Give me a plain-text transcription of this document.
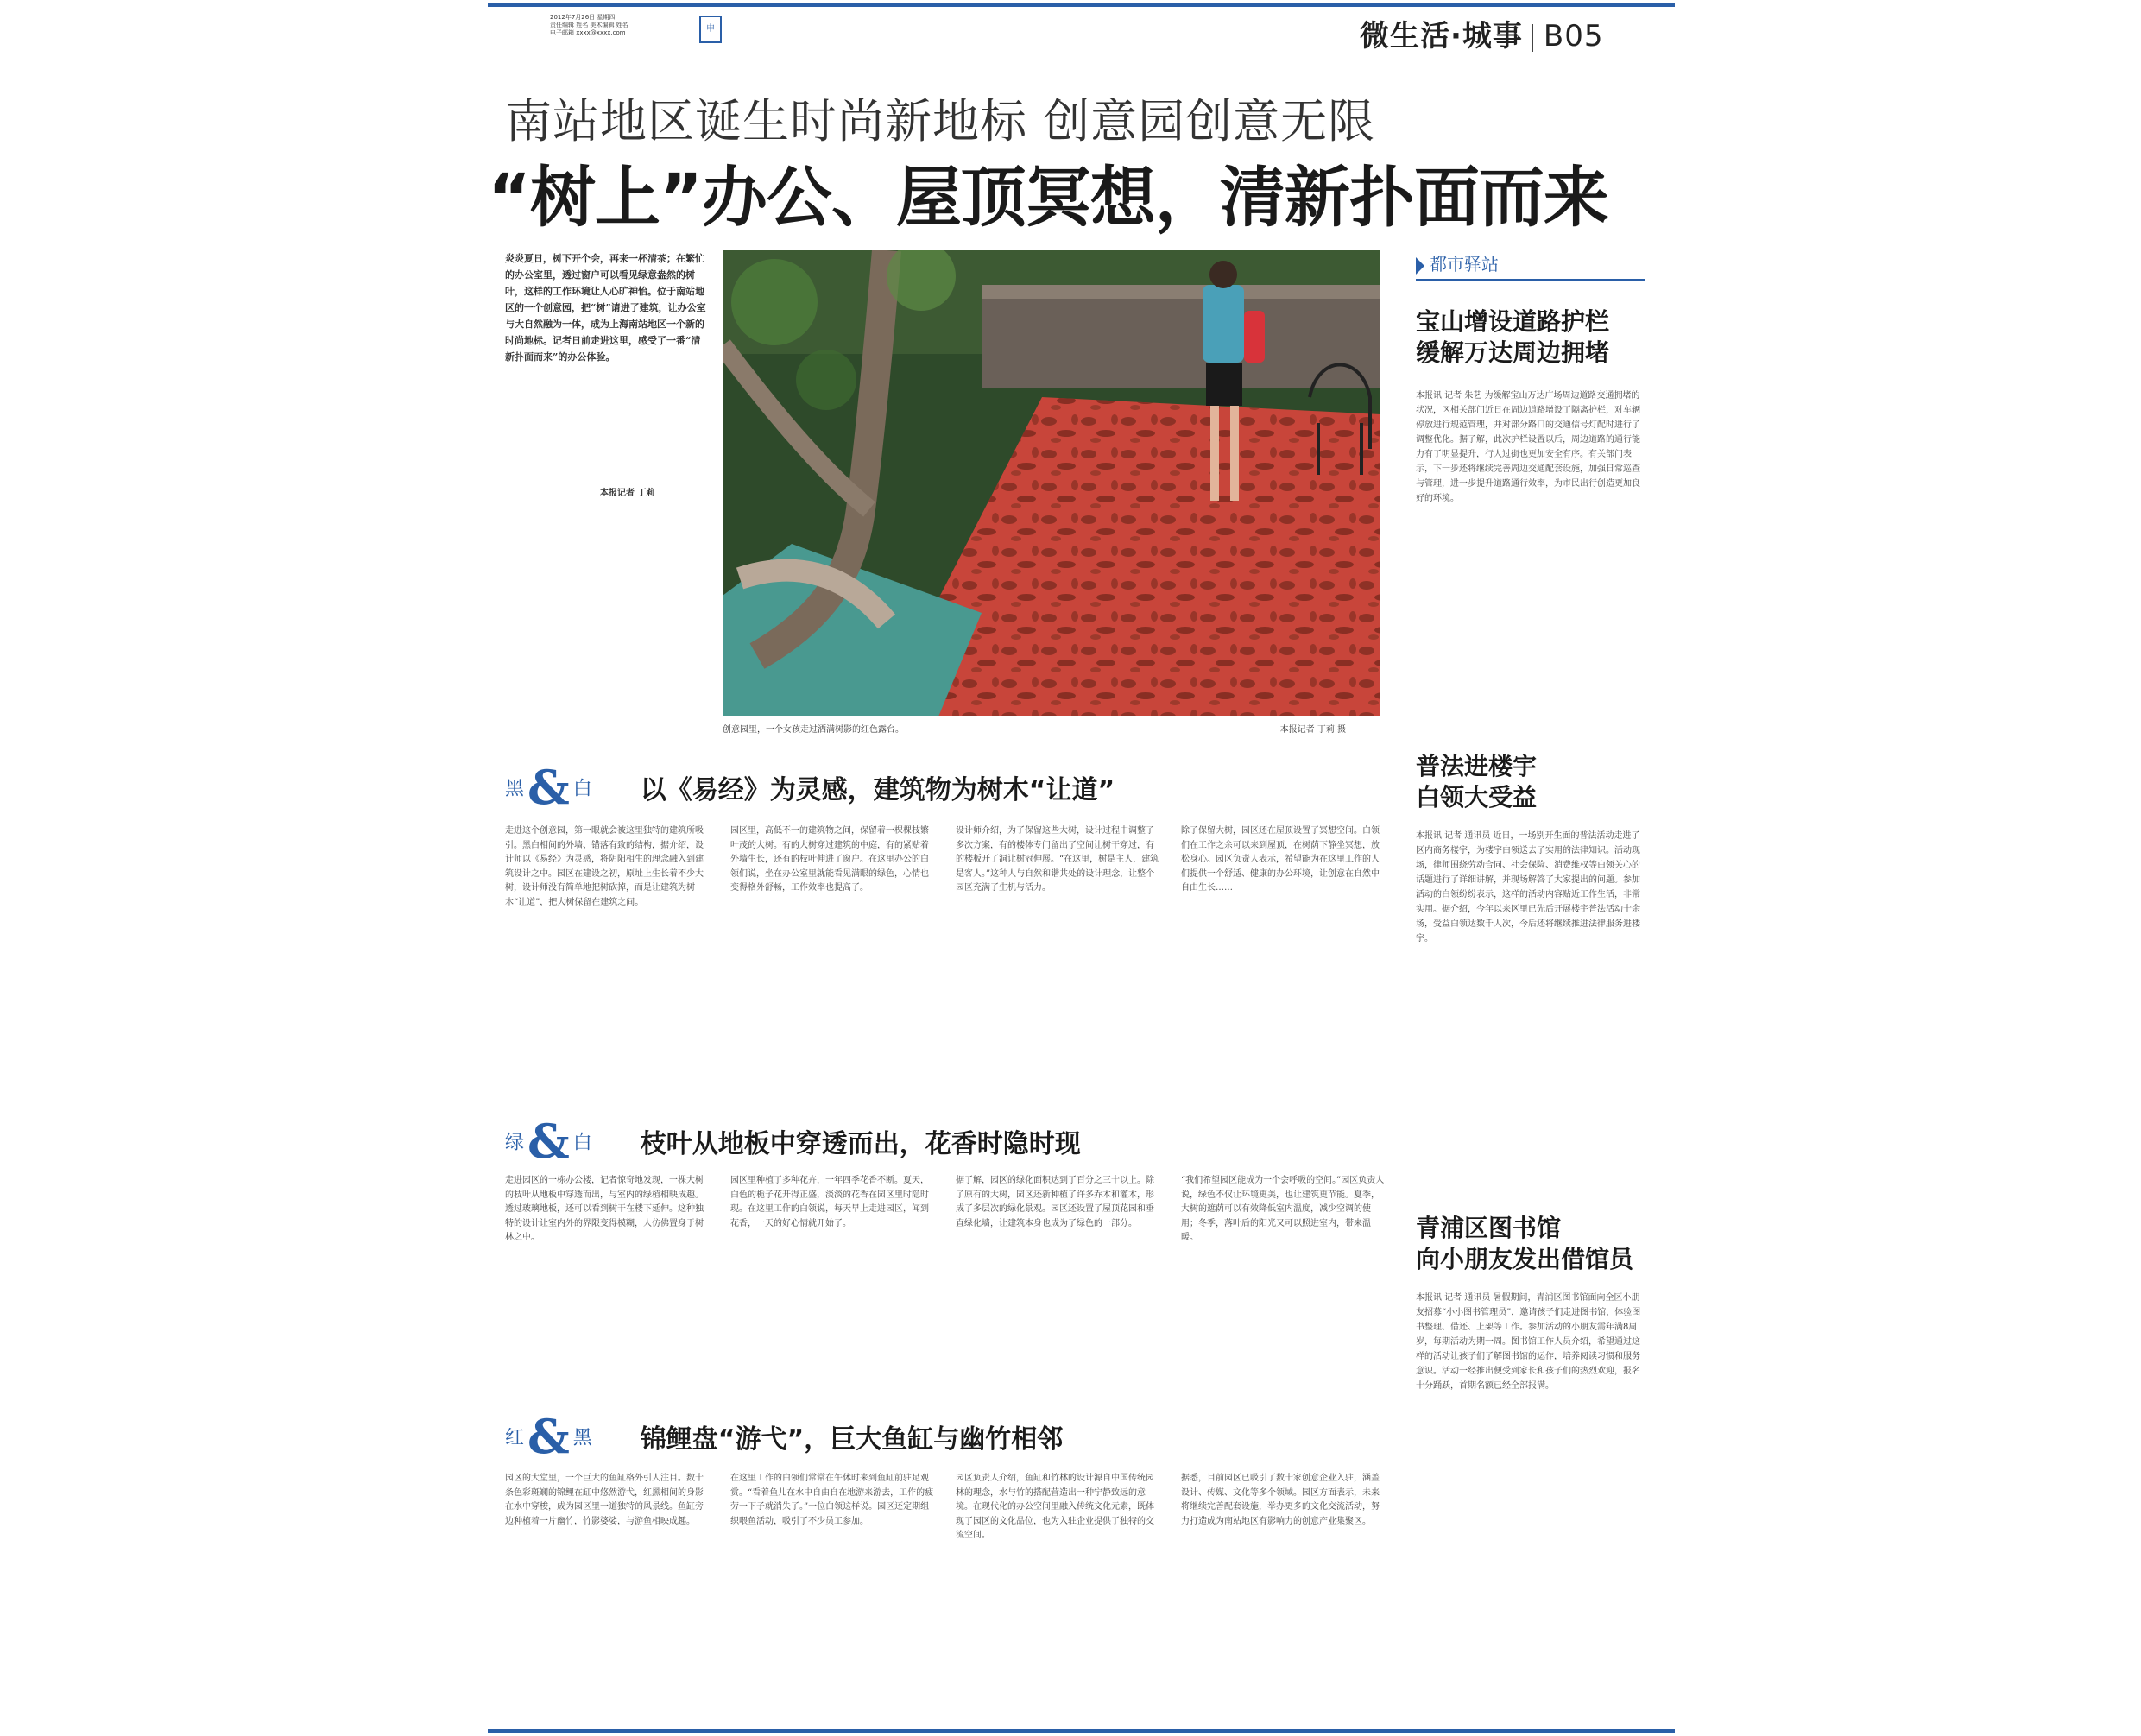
2012年7月26日 星期四
责任编辑 姓名 美术编辑 姓名
电子邮箱 xxxx@xxxx.com	申	微生活·城事 B05
南站地区诞生时尚新地标 创意园创意无限
“树上”办公、屋顶冥想，清新扑面而来
炎炎夏日，树下开个会，再来一杯清茶；在繁忙的办公室里，透过窗户可以看见绿意盎然的树叶，这样的工作环境让人心旷神怡。位于南站地区的一个创意园，把“树”请进了建筑，让办公室与大自然融为一体，成为上海南站地区一个新的时尚地标。记者日前走进这里，感受了一番“清新扑面而来”的办公体验。
本报记者 丁莉
创意园里，一个女孩走过洒满树影的红色露台。	本报记者 丁莉 摄
都市驿站
宝山增设道路护栏
缓解万达周边拥堵
本报讯 记者 朱艺 为缓解宝山万达广场周边道路交通拥堵的状况，区相关部门近日在周边道路增设了隔离护栏，对车辆停放进行规范管理，并对部分路口的交通信号灯配时进行了调整优化。据了解，此次护栏设置以后，周边道路的通行能力有了明显提升，行人过街也更加安全有序。有关部门表示，下一步还将继续完善周边交通配套设施，加强日常巡查与管理，进一步提升道路通行效率，为市民出行创造更加良好的环境。
普法进楼宇
白领大受益
本报讯 记者 通讯员 近日，一场别开生面的普法活动走进了区内商务楼宇，为楼宇白领送去了实用的法律知识。活动现场，律师围绕劳动合同、社会保险、消费维权等白领关心的话题进行了详细讲解，并现场解答了大家提出的问题。参加活动的白领纷纷表示，这样的活动内容贴近工作生活，非常实用。据介绍，今年以来区里已先后开展楼宇普法活动十余场，受益白领达数千人次，今后还将继续推进法律服务进楼宇。
青浦区图书馆
向小朋友发出借馆员
本报讯 记者 通讯员 暑假期间，青浦区图书馆面向全区小朋友招募“小小图书管理员”，邀请孩子们走进图书馆，体验图书整理、借还、上架等工作。参加活动的小朋友需年满8周岁，每期活动为期一周。图书馆工作人员介绍，希望通过这样的活动让孩子们了解图书馆的运作，培养阅读习惯和服务意识。活动一经推出便受到家长和孩子们的热烈欢迎，报名十分踊跃，首期名额已经全部报满。
黑& 白 以《易经》为灵感，建筑物为树木“让道”
走进这个创意园，第一眼就会被这里独特的建筑所吸引。黑白相间的外墙、错落有致的结构，据介绍，设计师以《易经》为灵感，将阴阳相生的理念融入到建筑设计之中。园区在建设之初，原址上生长着不少大树，设计师没有简单地把树砍掉，而是让建筑为树木“让道”，把大树保留在建筑之间。
园区里，高低不一的建筑物之间，保留着一棵棵枝繁叶茂的大树。有的大树穿过建筑的中庭，有的紧贴着外墙生长，还有的枝叶伸进了窗户。在这里办公的白领们说，坐在办公室里就能看见满眼的绿色，心情也变得格外舒畅，工作效率也提高了。
设计师介绍，为了保留这些大树，设计过程中调整了多次方案，有的楼体专门留出了空间让树干穿过，有的楼板开了洞让树冠伸展。“在这里，树是主人，建筑是客人。”这种人与自然和谐共处的设计理念，让整个园区充满了生机与活力。
除了保留大树，园区还在屋顶设置了冥想空间。白领们在工作之余可以来到屋顶，在树荫下静坐冥想，放松身心。园区负责人表示，希望能为在这里工作的人们提供一个舒适、健康的办公环境，让创意在自然中自由生长……
绿& 白 枝叶从地板中穿透而出，花香时隐时现
走进园区的一栋办公楼，记者惊奇地发现，一棵大树的枝叶从地板中穿透而出，与室内的绿植相映成趣。透过玻璃地板，还可以看到树干在楼下延伸。这种独特的设计让室内外的界限变得模糊，人仿佛置身于树林之中。
园区里种植了多种花卉，一年四季花香不断。夏天，白色的栀子花开得正盛，淡淡的花香在园区里时隐时现。在这里工作的白领说，每天早上走进园区，闻到花香，一天的好心情就开始了。
据了解，园区的绿化面积达到了百分之三十以上。除了原有的大树，园区还新种植了许多乔木和灌木，形成了多层次的绿化景观。园区还设置了屋顶花园和垂直绿化墙，让建筑本身也成为了绿色的一部分。
“我们希望园区能成为一个会呼吸的空间。”园区负责人说，绿色不仅让环境更美，也让建筑更节能。夏季，大树的遮荫可以有效降低室内温度，减少空调的使用；冬季，落叶后的阳光又可以照进室内，带来温暖。
红& 黑 锦鲤盘“游弋”，巨大鱼缸与幽竹相邻
园区的大堂里，一个巨大的鱼缸格外引人注目。数十条色彩斑斓的锦鲤在缸中悠然游弋，红黑相间的身影在水中穿梭，成为园区里一道独特的风景线。鱼缸旁边种植着一片幽竹，竹影婆娑，与游鱼相映成趣。
在这里工作的白领们常常在午休时来到鱼缸前驻足观赏。“看着鱼儿在水中自由自在地游来游去，工作的疲劳一下子就消失了。”一位白领这样说。园区还定期组织喂鱼活动，吸引了不少员工参加。
园区负责人介绍，鱼缸和竹林的设计源自中国传统园林的理念，水与竹的搭配营造出一种宁静致远的意境。在现代化的办公空间里融入传统文化元素，既体现了园区的文化品位，也为入驻企业提供了独特的交流空间。
据悉，目前园区已吸引了数十家创意企业入驻，涵盖设计、传媒、文化等多个领域。园区方面表示，未来将继续完善配套设施，举办更多的文化交流活动，努力打造成为南站地区有影响力的创意产业集聚区。
